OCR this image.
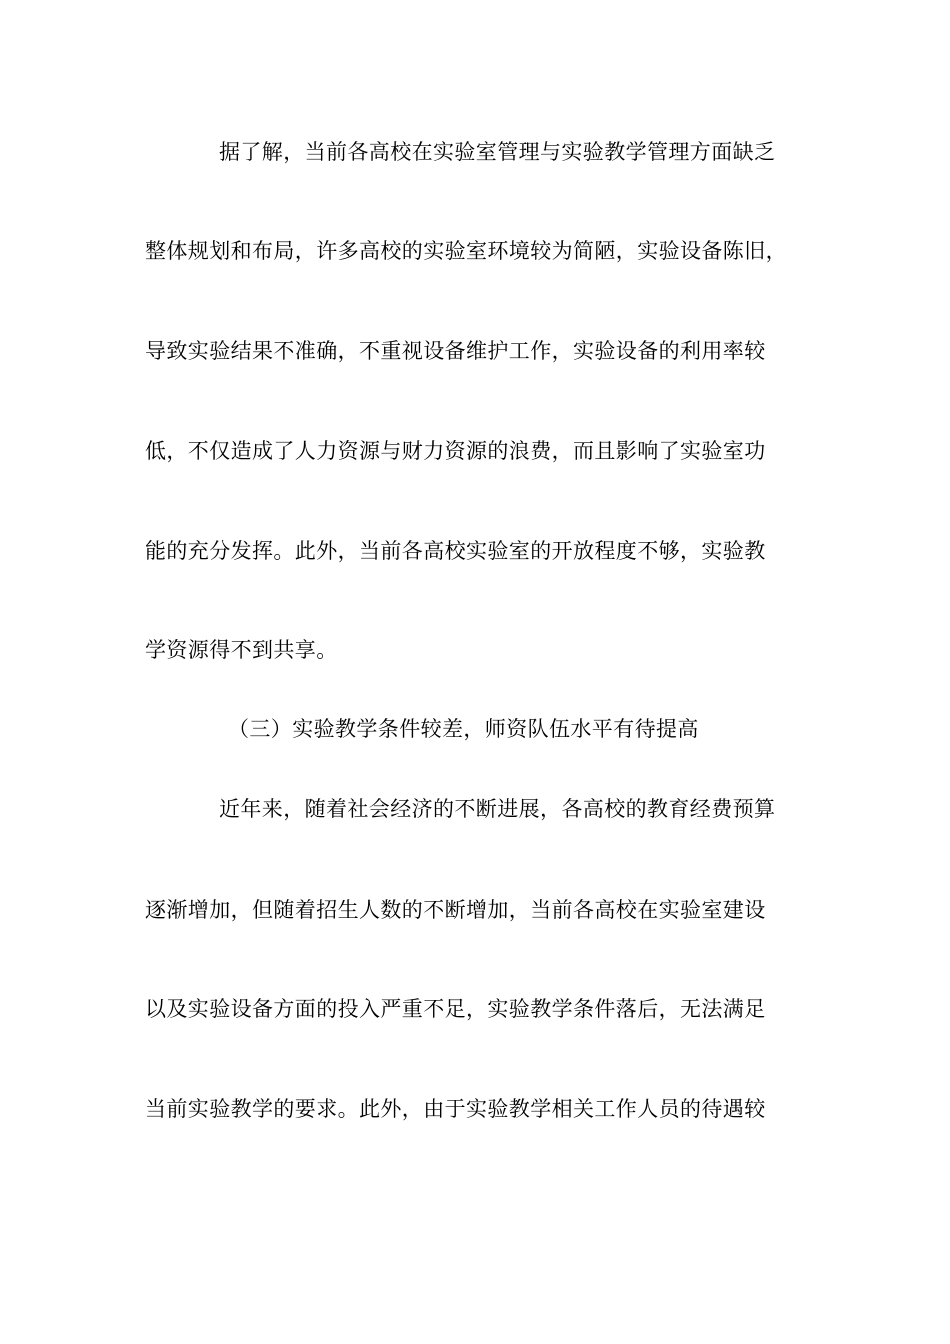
据了解，当前各高校在实验室管理与实验教学管理方面缺乏
整体规划和布局，许多高校的实验室环境较为简陋，实验设备陈旧，
导致实验结果不准确，不重视设备维护工作，实验设备的利用率较
低，不仅造成了人力资源与财力资源的浪费，而且影响了实验室功
能的充分发挥。此外，当前各高校实验室的开放程度不够，实验教
学资源得不到共享。
（三）实验教学条件较差，师资队伍水平有待提高
近年来，随着社会经济的不断进展，各高校的教育经费预算
逐渐增加，但随着招生人数的不断增加，当前各高校在实验室建设
以及实验设备方面的投入严重不足，实验教学条件落后，无法满足
当前实验教学的要求。此外，由于实验教学相关工作人员的待遇较
